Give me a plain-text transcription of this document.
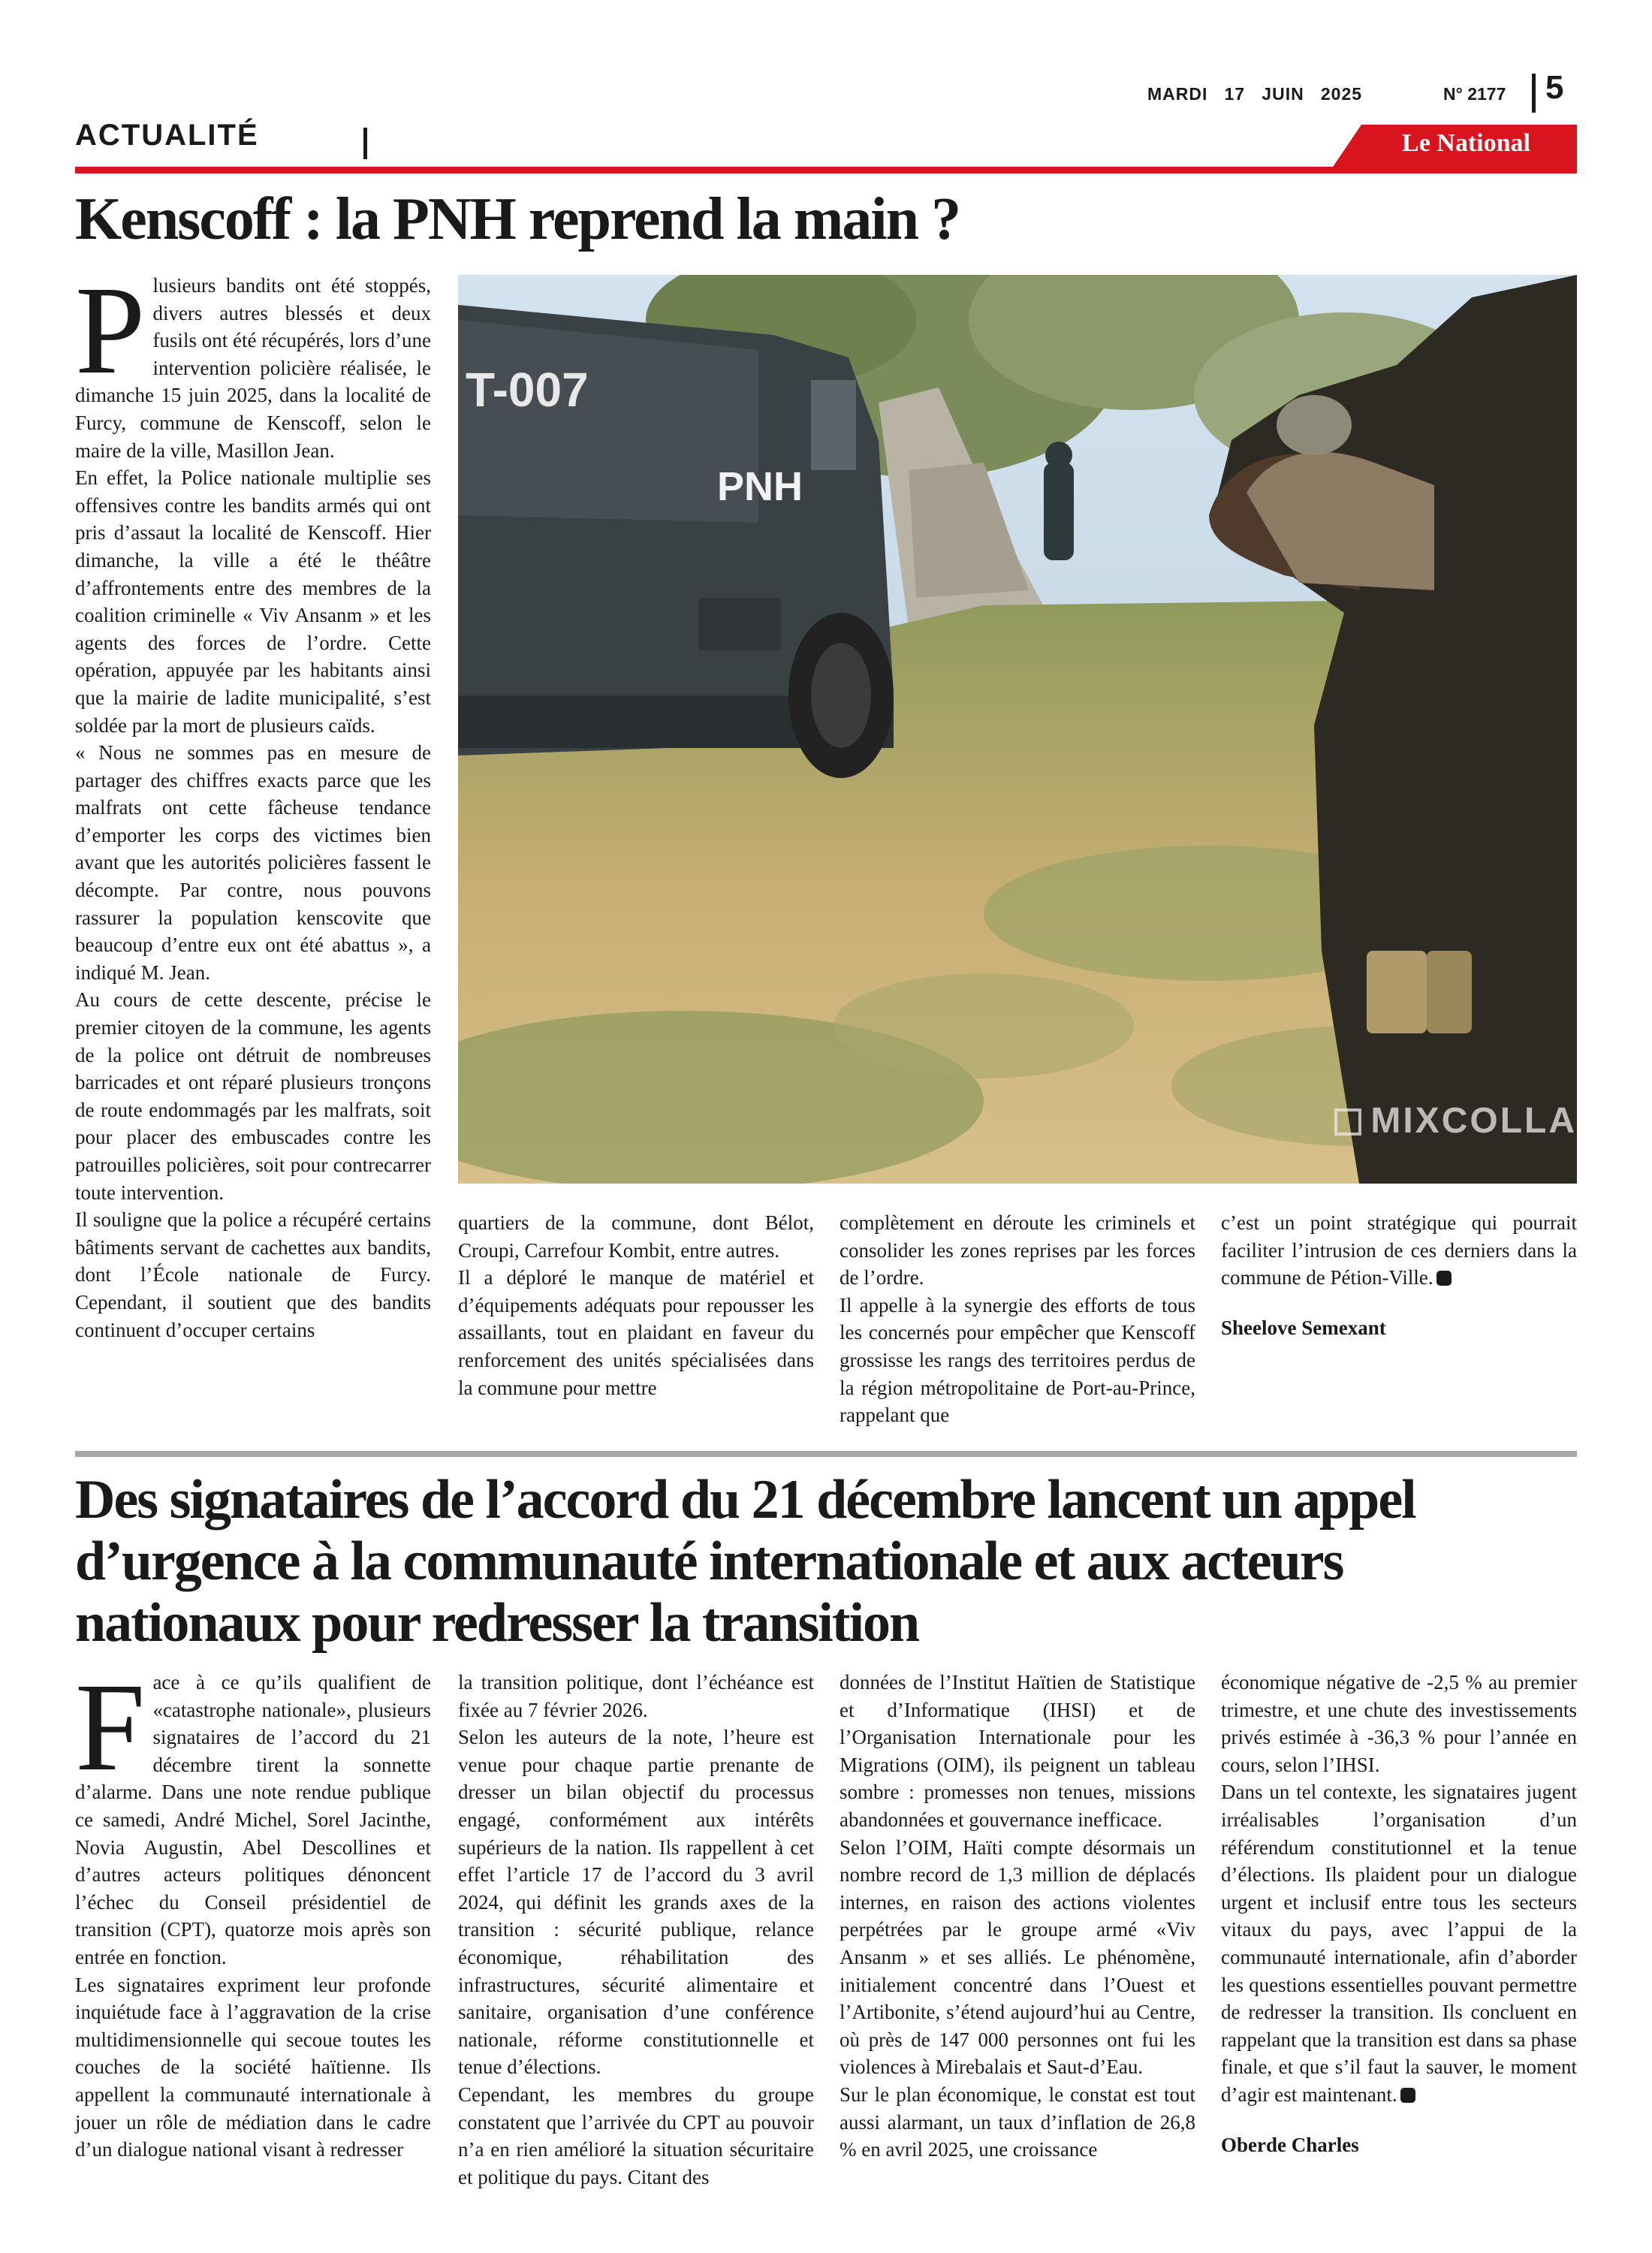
MARDI   17   JUIN   2025	N° 2177 5
ACTUALITÉ	Le National
Kenscoff : la PNH reprend la main ?

Plusieurs bandits ont été stoppés, divers autres blessés et deux fusils ont été récupérés, lors d’une intervention policière réalisée, le dimanche 15 juin 2025, dans la localité de Furcy, commune de Kenscoff, selon le maire de la ville, Masillon Jean.

En effet, la Police nationale multiplie ses offensives contre les bandits armés qui ont pris d’assaut la localité de Kenscoff. Hier dimanche, la ville a été le théâtre d’affrontements entre des membres de la coalition criminelle « Viv Ansanm » et les agents des forces de l’ordre. Cette opération, appuyée par les habitants ainsi que la mairie de ladite municipalité, s’est soldée par la mort de plusieurs caïds.

« Nous ne sommes pas en mesure de partager des chiffres exacts parce que les malfrats ont cette fâcheuse tendance d’emporter les corps des victimes bien avant que les autorités policières fassent le décompte. Par contre, nous pouvons rassurer la population kenscovite que beaucoup d’entre eux ont été abattus », a indiqué M. Jean.

Au cours de cette descente, précise le premier citoyen de la commune, les agents de la police ont détruit de nombreuses barricades et ont réparé plusieurs tronçons de route endommagés par les malfrats, soit pour placer des embuscades contre les patrouilles policières, soit pour contrecarrer toute intervention.

Il souligne que la police a récupéré certains bâtiments servant de cachettes aux bandits, dont l’École nationale de Furcy. Cependant, il soutient que des bandits continuent d’occuper certains

T-007
PNH
MIXCOLLA

quartiers de la commune, dont Bélot, Croupi, Carrefour Kombit, entre autres.

Il a déploré le manque de matériel et d’équipements adéquats pour repousser les assaillants, tout en plaidant en faveur du renforcement des unités spécialisées dans la commune pour mettre

complètement en déroute les criminels et consolider les zones reprises par les forces de l’ordre.

Il appelle à la synergie des efforts de tous les concernés pour empêcher que Kenscoff grossisse les rangs des territoires perdus de la région métropolitaine de Port-au-Prince, rappelant que

c’est un point stratégique qui pourrait faciliter l’intrusion de ces derniers dans la commune de Pétion-Ville.

Sheelove Semexant

Des signataires de l’accord du 21 décembre lancent un appel
d’urgence à la communauté internationale et aux acteurs
nationaux pour redresser la transition

Face à ce qu’ils qualifient de «catastrophe nationale», plusieurs signataires de l’accord du 21 décembre tirent la sonnette d’alarme. Dans une note rendue publique ce samedi, André Michel, Sorel Jacinthe, Novia Augustin, Abel Descollines et d’autres acteurs politiques dénoncent l’échec du Conseil présidentiel de transition (CPT), quatorze mois après son entrée en fonction.

Les signataires expriment leur profonde inquiétude face à l’aggravation de la crise multidimensionnelle qui secoue toutes les couches de la société haïtienne. Ils appellent la communauté internationale à jouer un rôle de médiation dans le cadre d’un dialogue national visant à redresser

la transition politique, dont l’échéance est fixée au 7 février 2026.

Selon les auteurs de la note, l’heure est venue pour chaque partie prenante de dresser un bilan objectif du processus engagé, conformément aux intérêts supérieurs de la nation. Ils rappellent à cet effet l’article 17 de l’accord du 3 avril 2024, qui définit les grands axes de la transition : sécurité publique, relance économique, réhabilitation des infrastructures, sécurité alimentaire et sanitaire, organisation d’une conférence nationale, réforme constitutionnelle et tenue d’élections.

Cependant, les membres du groupe constatent que l’arrivée du CPT au pouvoir n’a en rien amélioré la situation sécuritaire et politique du pays. Citant des

données de l’Institut Haïtien de Statistique et d’Informatique (IHSI) et de l’Organisation Internationale pour les Migrations (OIM), ils peignent un tableau sombre : promesses non tenues, missions abandonnées et gouvernance inefficace.

Selon l’OIM, Haïti compte désormais un nombre record de 1,3 million de déplacés internes, en raison des actions violentes perpétrées par le groupe armé «Viv Ansanm » et ses alliés. Le phénomène, initialement concentré dans l’Ouest et l’Artibonite, s’étend aujourd’hui au Centre, où près de 147 000 personnes ont fui les violences à Mirebalais et Saut-d’Eau.

Sur le plan économique, le constat est tout aussi alarmant, un taux d’inflation de 26,8 % en avril 2025, une croissance

économique négative de -2,5 % au premier trimestre, et une chute des investissements privés estimée à -36,3 % pour l’année en cours, selon l’IHSI.

Dans un tel contexte, les signataires jugent irréalisables l’organisation d’un référendum constitutionnel et la tenue d’élections. Ils plaident pour un dialogue urgent et inclusif entre tous les secteurs vitaux du pays, avec l’appui de la communauté internationale, afin d’aborder les questions essentielles pouvant permettre de redresser la transition. Ils concluent en rappelant que la transition est dans sa phase finale, et que s’il faut la sauver, le moment d’agir est maintenant.

Oberde Charles
